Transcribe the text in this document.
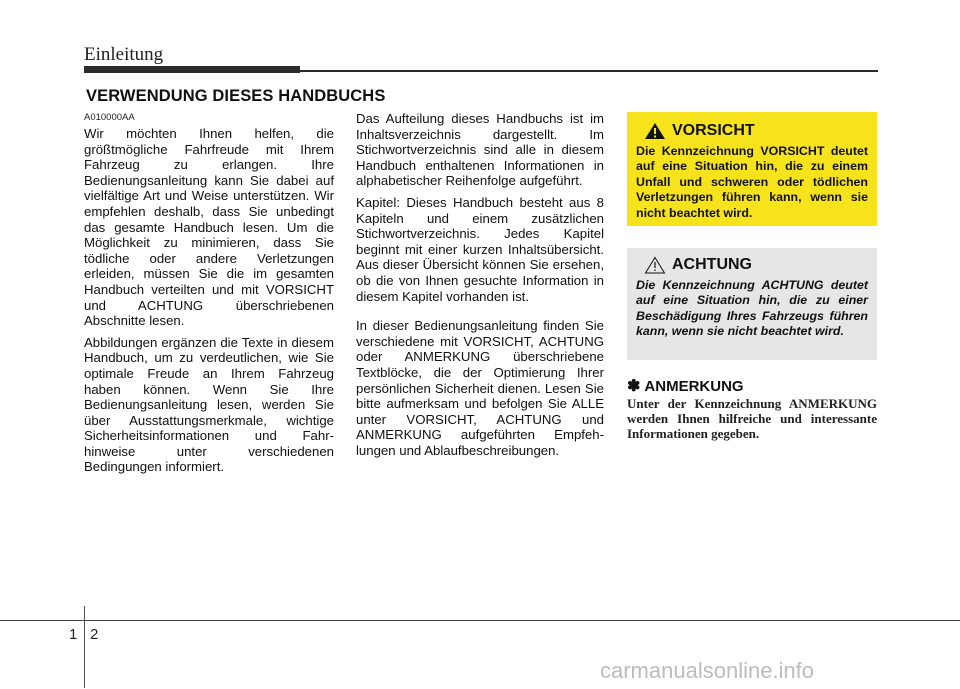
Einleitung
VERWENDUNG DIESES HANDBUCHS
A010000AA

Wir möchten Ihnen helfen, die größtmögliche Fahrfreude mit Ihrem Fahrzeug zu erlangen. Ihre Bedienungsanleitung kann Sie dabei auf vielfältige Art und Weise unterstützen. Wir empfehlen deshalb, dass Sie unbedingt das gesamte Handbuch lesen. Um die Möglichkeit zu minimieren, dass Sie tödliche oder andere Verletzungen erleiden, müssen Sie die im gesamten Handbuch verteilten und mit VORSICHT und ACHTUNG überschriebenen Abschnitte lesen.

Abbildungen ergänzen die Texte in diesem Handbuch, um zu verdeutlichen, wie Sie optimale Freude an Ihrem Fahrzeug haben können. Wenn Sie Ihre Bedienungsanleitung lesen, werden Sie über Ausstattungsmerkmale, wichtige Sicherheitsinformationen und Fahr-hinweise unter verschiedenen Bedingungen informiert.

Das Aufteilung dieses Handbuchs ist im Inhaltsverzeichnis dargestellt. Im Stichwortverzeichnis sind alle in diesem Handbuch enthaltenen Informationen in alphabetischer Reihenfolge aufgeführt.

Kapitel: Dieses Handbuch besteht aus 8 Kapiteln und einem zusätzlichen Stichwortverzeichnis. Jedes Kapitel beginnt mit einer kurzen Inhaltsübersicht. Aus dieser Übersicht können Sie ersehen, ob die von Ihnen gesuchte Information in diesem Kapitel vorhanden ist.

In dieser Bedienungsanleitung finden Sie verschiedene mit VORSICHT, ACHTUNG oder ANMERKUNG überschriebene Textblöcke, die der Optimierung Ihrer persönlichen Sicherheit dienen. Lesen Sie bitte aufmerksam und befolgen Sie ALLE unter VORSICHT, ACHTUNG und ANMERKUNG aufgeführten Empfeh-lungen und Ablaufbeschreibungen.

VORSICHT
Die Kennzeichnung VORSICHT deutet auf eine Situation hin, die zu einem Unfall und schweren oder tödlichen Verletzungen führen kann, wenn sie nicht beachtet wird.
ACHTUNG
Die Kennzeichnung ACHTUNG deutet auf eine Situation hin, die zu einer Beschädigung Ihres Fahrzeugs führen kann, wenn sie nicht beachtet wird.
✽ ANMERKUNG
Unter der Kennzeichnung ANMERKUNG werden Ihnen hilfreiche und interessante Informationen gegeben.
1 2
carmanualsonline.info
